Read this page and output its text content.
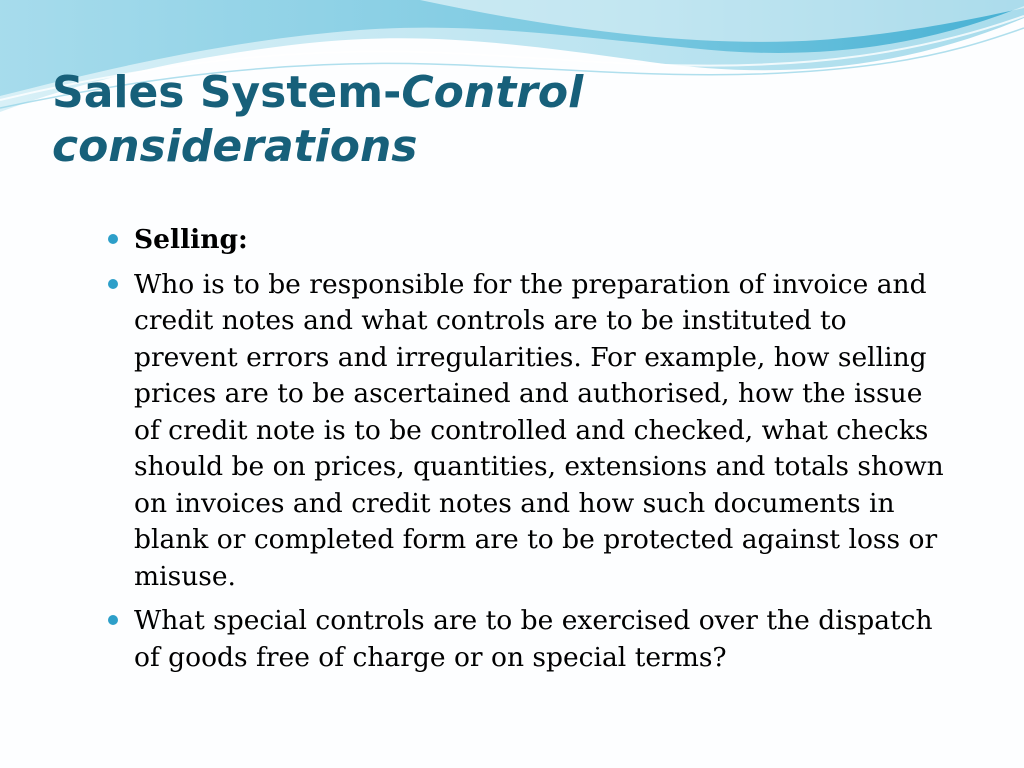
Sales System-Control
considerations
Selling:
Who is to be responsible for the preparation of invoice and credit notes and what controls are to be instituted to prevent errors and irregularities. For example, how selling prices are to be ascertained and authorised, how the issue of credit note is to be controlled and checked, what checks should be on prices, quantities, extensions and totals shown on invoices and credit notes and how such documents in blank or completed form are to be protected against loss or misuse.
What special controls are to be exercised over the dispatch of goods free of charge or on special terms?
